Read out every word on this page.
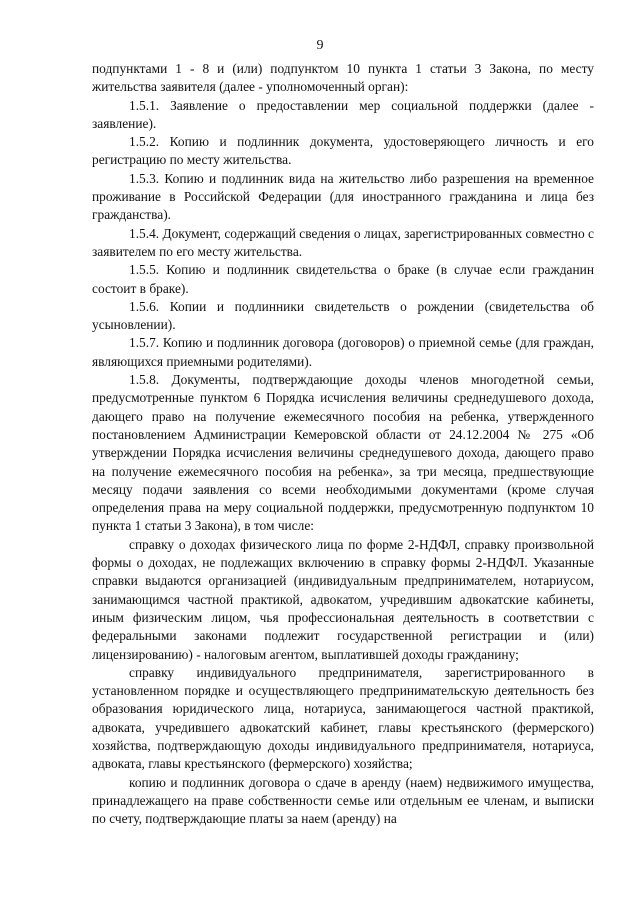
9

подпунктами 1 - 8 и (или) подпунктом 10 пункта 1 статьи 3 Закона, по месту жительства заявителя (далее - уполномоченный орган):

1.5.1. Заявление о предоставлении мер социальной поддержки (далее - заявление).

1.5.2. Копию и подлинник документа, удостоверяющего личность и его регистрацию по месту жительства.

1.5.3. Копию и подлинник вида на жительство либо разрешения на временное проживание в Российской Федерации (для иностранного гражданина и лица без гражданства).

1.5.4. Документ, содержащий сведения о лицах, зарегистрированных совместно с заявителем по его месту жительства.

1.5.5. Копию и подлинник свидетельства о браке (в случае если гражданин состоит в браке).

1.5.6. Копии и подлинники свидетельств о рождении (свидетельства об усыновлении).

1.5.7. Копию и подлинник договора (договоров) о приемной семье (для граждан, являющихся приемными родителями).

1.5.8. Документы, подтверждающие доходы членов многодетной семьи, предусмотренные пунктом 6 Порядка исчисления величины среднедушевого дохода, дающего право на получение ежемесячного пособия на ребенка, утвержденного постановлением Администрации Кемеровской области от 24.12.2004 № 275 «Об утверждении Порядка исчисления величины среднедушевого дохода, дающего право на получение ежемесячного пособия на ребенка», за три месяца, предшествующие месяцу подачи заявления со всеми необходимыми документами (кроме случая определения права на меру социальной поддержки, предусмотренную подпунктом 10 пункта 1 статьи 3 Закона), в том числе:

справку о доходах физического лица по форме 2-НДФЛ, справку произвольной формы о доходах, не подлежащих включению в справку формы 2-НДФЛ. Указанные справки выдаются организацией (индивидуальным предпринимателем, нотариусом, занимающимся частной практикой, адвокатом, учредившим адвокатские кабинеты, иным физическим лицом, чья профессиональная деятельность в соответствии с федеральными законами подлежит государственной регистрации и (или) лицензированию) - налоговым агентом, выплатившей доходы гражданину;

справку индивидуального предпринимателя, зарегистрированного в установленном порядке и осуществляющего предпринимательскую деятельность без образования юридического лица, нотариуса, занимающегося частной практикой, адвоката, учредившего адвокатский кабинет, главы крестьянского (фермерского) хозяйства, подтверждающую доходы индивидуального предпринимателя, нотариуса, адвоката, главы крестьянского (фермерского) хозяйства;

копию и подлинник договора о сдаче в аренду (наем) недвижимого имущества, принадлежащего на праве собственности семье или отдельным ее членам, и выписки по счету, подтверждающие платы за наем (аренду) на
